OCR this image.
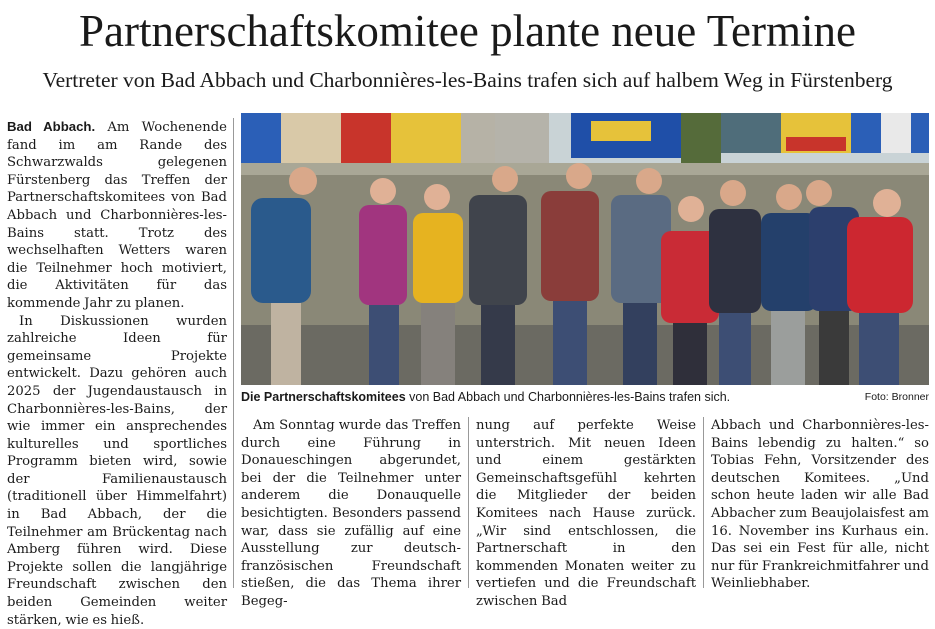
Partnerschaftskomitee plante neue Termine
Vertreter von Bad Abbach und Charbonnières-les-Bains trafen sich auf halbem Weg in Fürstenberg

Bad Abbach. Am Wochenende fand im am Rande des Schwarzwalds gelegenen Fürstenberg das Treffen der Partnerschaftskomitees von Bad Abbach und Charbonnières-les-Bains statt. Trotz des wechselhaften Wetters waren die Teilnehmer hoch motiviert, die Aktivitäten für das kommende Jahr zu planen.

In Diskussionen wurden zahlreiche Ideen für gemeinsame Projekte entwickelt. Dazu gehören auch 2025 der Jugendaustausch in Charbonnières-les-Bains, der wie immer ein ansprechendes kulturelles und sportliches Programm bieten wird, sowie der Familienaustausch (traditionell über Himmelfahrt) in Bad Abbach, der die Teilnehmer am Brückentag nach Amberg führen wird. Diese Projekte sollen die langjährige Freundschaft zwischen den beiden Gemeinden weiter stärken, wie es hieß.

Die Partnerschaftskomitees von Bad Abbach und Charbonnières-les-Bains trafen sich.	Foto: Bronner

Am Sonntag wurde das Treffen durch eine Führung in Donaueschingen abgerundet, bei der die Teilnehmer unter anderem die Donauquelle besichtigten. Besonders passend war, dass sie zufällig auf eine Ausstellung zur deutsch-französischen Freundschaft stießen, die das Thema ihrer Begeg-

nung auf perfekte Weise unterstrich. Mit neuen Ideen und einem gestärkten Gemeinschaftsgefühl kehrten die Mitglieder der beiden Komitees nach Hause zurück. „Wir sind entschlossen, die Partnerschaft in den kommenden Monaten weiter zu vertiefen und die Freundschaft zwischen Bad

Abbach und Charbonnières-les-Bains lebendig zu halten.“ so Tobias Fehn, Vorsitzender des deutschen Komitees. „Und schon heute laden wir alle Bad Abbacher zum Beaujolaisfest am 16. November ins Kurhaus ein. Das sei ein Fest für alle, nicht nur für Frankreichmitfahrer und Weinliebhaber.
